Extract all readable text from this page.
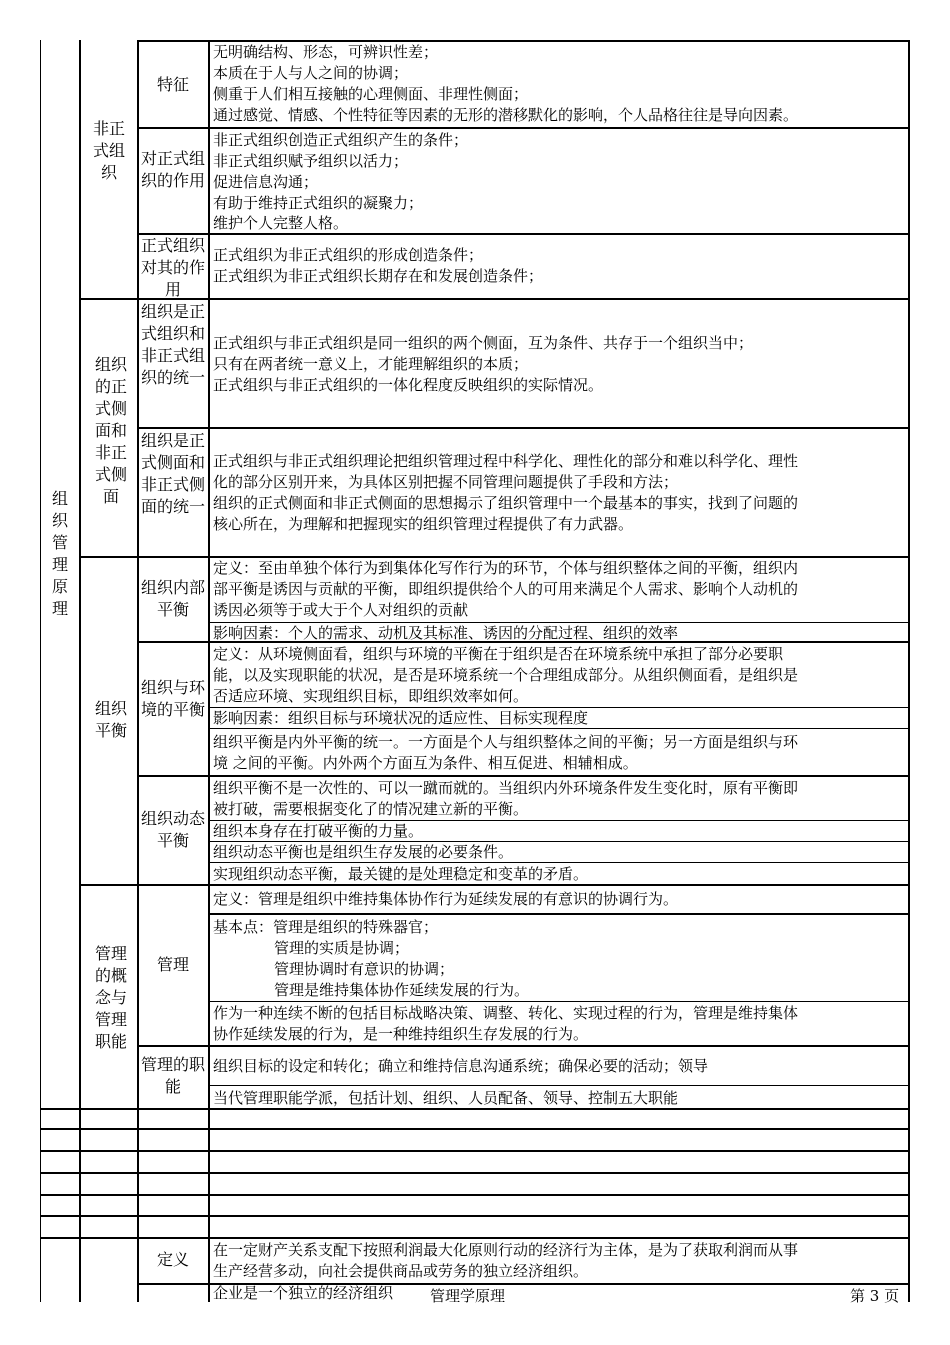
组织管理原理
非正式组织
特征
无明确结构、形态，可辨识性差；
本质在于人与人之间的协调；
侧重于人们相互接触的心理侧面、非理性侧面；
通过感觉、情感、个性特征等因素的无形的潜移默化的影响，个人品格往往是导向因素。
对正式组织的作用
非正式组织创造正式组织产生的条件；
非正式组织赋予组织以活力；
促进信息沟通；
有助于维持正式组织的凝聚力；
维护个人完整人格。
正式组织对其的作用
正式组织为非正式组织的形成创造条件；
正式组织为非正式组织长期存在和发展创造条件；
组织的正式侧面和非正式侧面
组织是正式组织和非正式组织的统一
正式组织与非正式组织是同一组织的两个侧面，互为条件、共存于一个组织当中；
只有在两者统一意义上，才能理解组织的本质；
正式组织与非正式组织的一体化程度反映组织的实际情况。
组织是正式侧面和非正式侧面的统一
正式组织与非正式组织理论把组织管理过程中科学化、理性化的部分和难以科学化、理性
化的部分区别开来，为具体区别把握不同管理问题提供了手段和方法；
组织的正式侧面和非正式侧面的思想揭示了组织管理中一个最基本的事实，找到了问题的
核心所在，为理解和把握现实的组织管理过程提供了有力武器。
组织平衡
组织内部平衡
定义：至由单独个体行为到集体化写作行为的环节，个体与组织整体之间的平衡，组织内
部平衡是诱因与贡献的平衡，即组织提供给个人的可用来满足个人需求、影响个人动机的
诱因必须等于或大于个人对组织的贡献
影响因素：个人的需求、动机及其标准、诱因的分配过程、组织的效率
组织与环境的平衡
定义：从环境侧面看，组织与环境的平衡在于组织是否在环境系统中承担了部分必要职
能，以及实现职能的状况，是否是环境系统一个合理组成部分。从组织侧面看，是组织是
否适应环境、实现组织目标，即组织效率如何。
影响因素：组织目标与环境状况的适应性、目标实现程度
组织平衡是内外平衡的统一。一方面是个人与组织整体之间的平衡；另一方面是组织与环
境 之间的平衡。内外两个方面互为条件、相互促进、相辅相成。
组织动态平衡
组织平衡不是一次性的、可以一蹴而就的。当组织内外环境条件发生变化时，原有平衡即
被打破，需要根据变化了的情况建立新的平衡。
组织本身存在打破平衡的力量。
组织动态平衡也是组织生存发展的必要条件。
实现组织动态平衡，最关键的是处理稳定和变革的矛盾。
管理的概念与管理职能
管理
定义：管理是组织中维持集体协作行为延续发展的有意识的协调行为。
基本点：管理是组织的特殊器官；
管理的实质是协调；
管理协调时有意识的协调；
管理是维持集体协作延续发展的行为。
作为一种连续不断的包括目标战略决策、调整、转化、实现过程的行为，管理是维持集体
协作延续发展的行为，是一种维持组织生存发展的行为。
管理的职能
组织目标的设定和转化；确立和维持信息沟通系统；确保必要的活动；领导
当代管理职能学派，包括计划、组织、人员配备、领导、控制五大职能
定义	在一定财产关系支配下按照利润最大化原则行动的经济行为主体，是为了获取利润而从事
生产经营多动，向社会提供商品或劳务的独立经济组织。
企业是一个独立的经济组织 管理学原理	第 3 页
